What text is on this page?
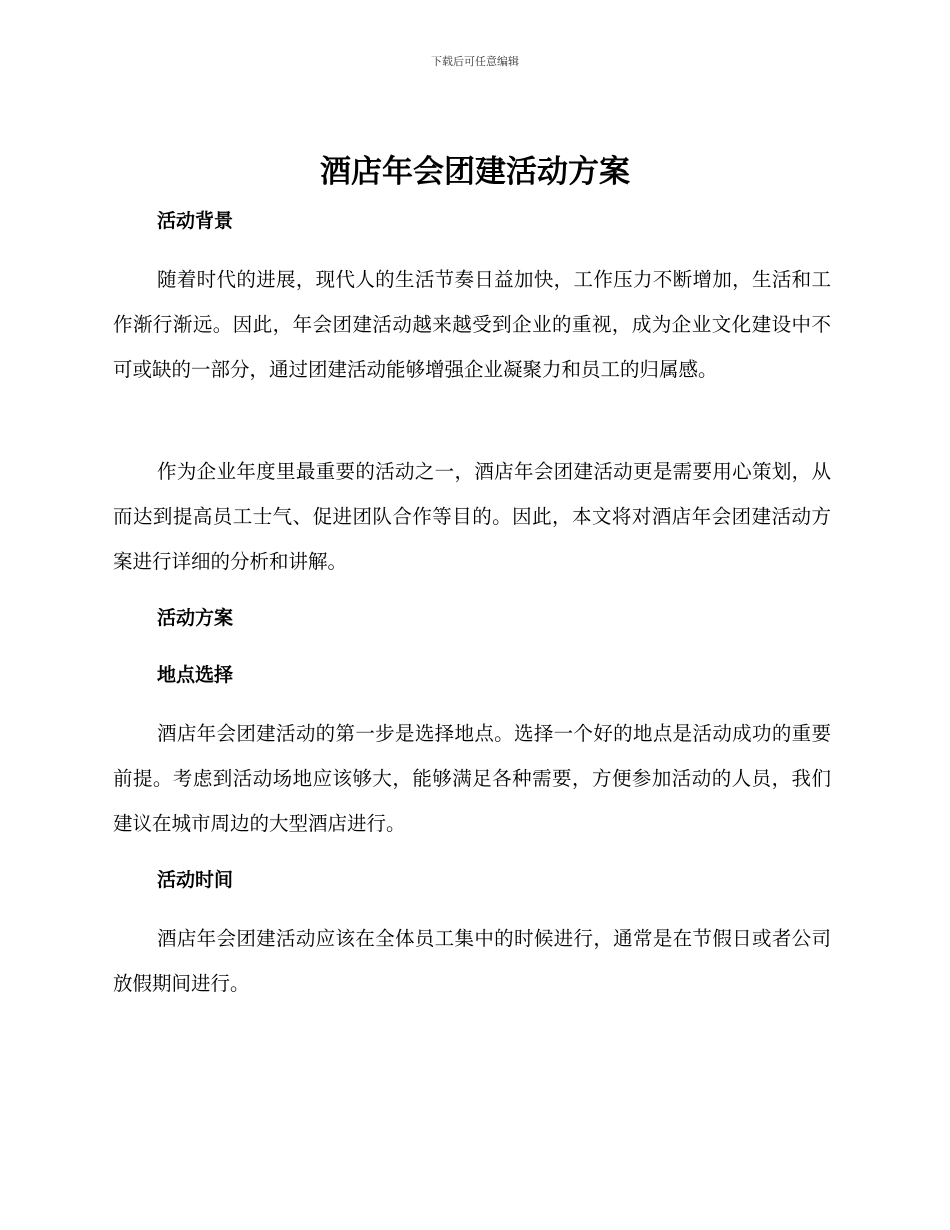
下载后可任意编辑
酒店年会团建活动方案
活动背景

随着时代的进展，现代人的生活节奏日益加快，工作压力不断增加，生活和工作渐行渐远。因此，年会团建活动越来越受到企业的重视，成为企业文化建设中不可或缺的一部分，通过团建活动能够增强企业凝聚力和员工的归属感。

作为企业年度里最重要的活动之一，酒店年会团建活动更是需要用心策划，从而达到提高员工士气、促进团队合作等目的。因此，本文将对酒店年会团建活动方案进行详细的分析和讲解。

活动方案
地点选择

酒店年会团建活动的第一步是选择地点。选择一个好的地点是活动成功的重要前提。考虑到活动场地应该够大，能够满足各种需要，方便参加活动的人员，我们建议在城市周边的大型酒店进行。

活动时间

酒店年会团建活动应该在全体员工集中的时候进行，通常是在节假日或者公司放假期间进行。
